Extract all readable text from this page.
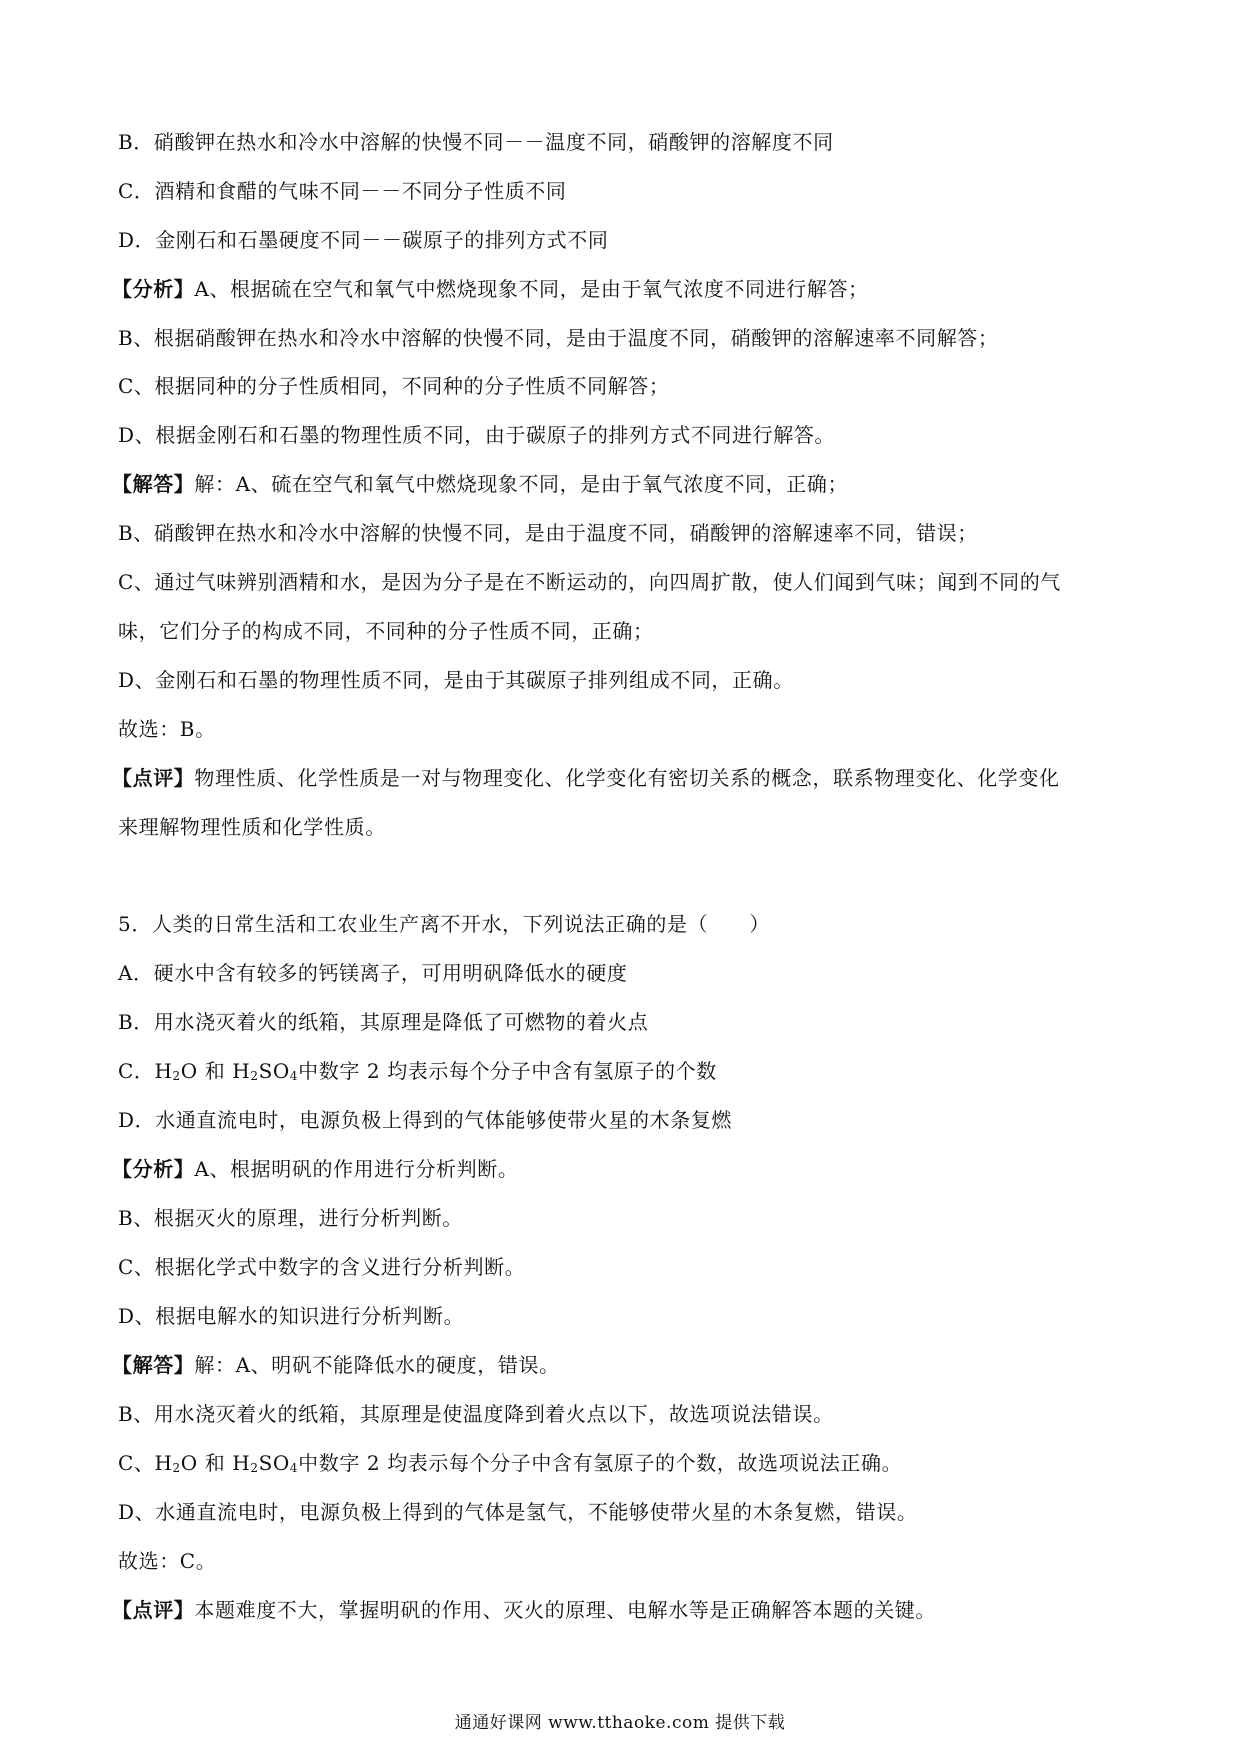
B．硝酸钾在热水和冷水中溶解的快慢不同－－温度不同，硝酸钾的溶解度不同
C．酒精和食醋的气味不同－－不同分子性质不同
D．金刚石和石墨硬度不同－－碳原子的排列方式不同
【分析】A、根据硫在空气和氧气中燃烧现象不同，是由于氧气浓度不同进行解答；
B、根据硝酸钾在热水和冷水中溶解的快慢不同，是由于温度不同，硝酸钾的溶解速率不同解答；
C、根据同种的分子性质相同，不同种的分子性质不同解答；
D、根据金刚石和石墨的物理性质不同，由于碳原子的排列方式不同进行解答。
【解答】解：A、硫在空气和氧气中燃烧现象不同，是由于氧气浓度不同，正确；
B、硝酸钾在热水和冷水中溶解的快慢不同，是由于温度不同，硝酸钾的溶解速率不同，错误；
C、通过气味辨别酒精和水，是因为分子是在不断运动的，向四周扩散，使人们闻到气味；闻到不同的气
味，它们分子的构成不同，不同种的分子性质不同，正确；
D、金刚石和石墨的物理性质不同，是由于其碳原子排列组成不同，正确。
故选：B。
【点评】物理性质、化学性质是一对与物理变化、化学变化有密切关系的概念，联系物理变化、化学变化
来理解物理性质和化学性质。
5．人类的日常生活和工农业生产离不开水，下列说法正确的是（　　）
A．硬水中含有较多的钙镁离子，可用明矾降低水的硬度
B．用水浇灭着火的纸箱，其原理是降低了可燃物的着火点
C．$H_2O$ 和 $H_2SO_4$中数字 2 均表示每个分子中含有氢原子的个数
D．水通直流电时，电源负极上得到的气体能够使带火星的木条复燃
【分析】A、根据明矾的作用进行分析判断。
B、根据灭火的原理，进行分析判断。
C、根据化学式中数字的含义进行分析判断。
D、根据电解水的知识进行分析判断。
【解答】解：A、明矾不能降低水的硬度，错误。
B、用水浇灭着火的纸箱，其原理是使温度降到着火点以下，故选项说法错误。
C、$H_2O$ 和 $H_2SO_4$中数字 2 均表示每个分子中含有氢原子的个数，故选项说法正确。
D、水通直流电时，电源负极上得到的气体是氢气，不能够使带火星的木条复燃，错误。
故选：C。
【点评】本题难度不大，掌握明矾的作用、灭火的原理、电解水等是正确解答本题的关键。
通通好课网 www.tthaoke.com 提供下载
